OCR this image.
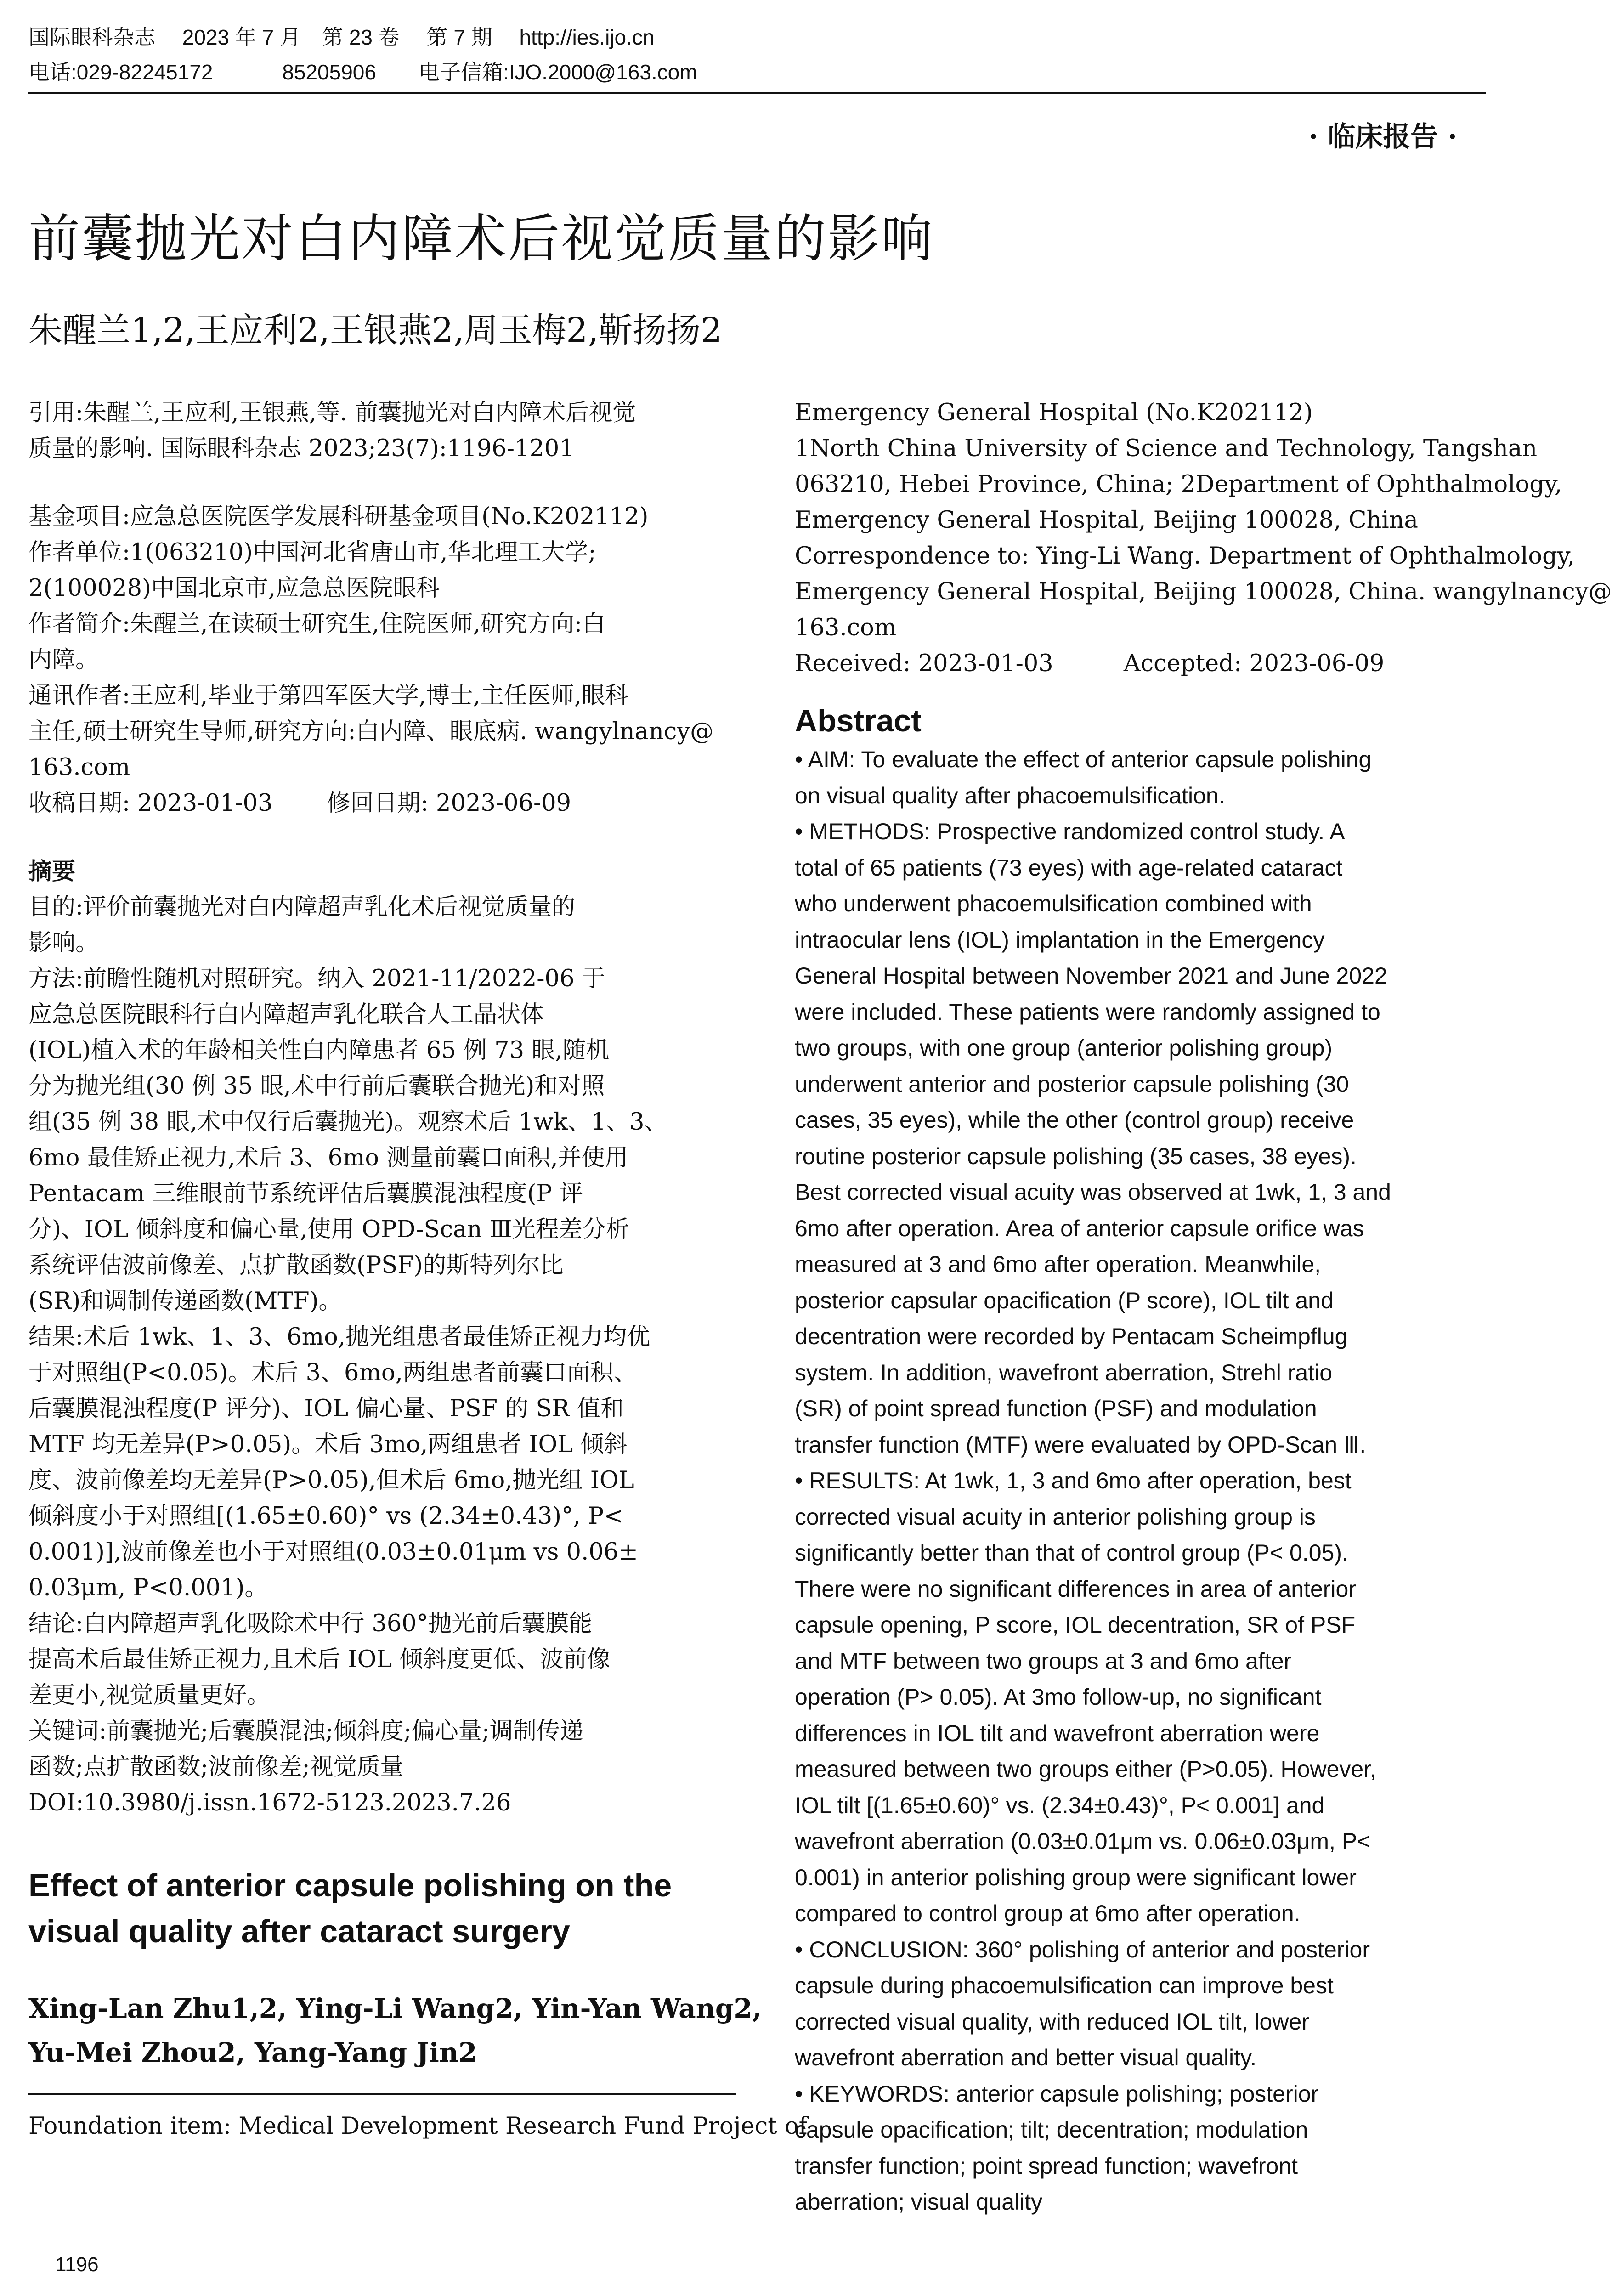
国际眼科杂志　 2023 年 7 月　第 23 卷　 第 7 期　 http://ies.ijo.cn
电话:029-82245172　　　 85205906　　电子信箱:IJO.2000@163.com
· 临床报告 ·
前囊抛光对白内障术后视觉质量的影响
朱醒兰1,2,王应利2,王银燕2,周玉梅2,靳扬扬2
引用:朱醒兰,王应利,王银燕,等. 前囊抛光对白内障术后视觉
质量的影响. 国际眼科杂志 2023;23(7):1196-1201
基金项目:应急总医院医学发展科研基金项目(No.K202112)
作者单位:1(063210)中国河北省唐山市,华北理工大学;
2(100028)中国北京市,应急总医院眼科
作者简介:朱醒兰,在读硕士研究生,住院医师,研究方向:白
内障。
通讯作者:王应利,毕业于第四军医大学,博士,主任医师,眼科
主任,硕士研究生导师,研究方向:白内障、眼底病. wangylnancy@
163.com
收稿日期: 2023-01-03　　 修回日期: 2023-06-09
摘要
目的:评价前囊抛光对白内障超声乳化术后视觉质量的
影响。
方法:前瞻性随机对照研究。纳入 2021-11/2022-06 于
应急总医院眼科行白内障超声乳化联合人工晶状体
(IOL)植入术的年龄相关性白内障患者 65 例 73 眼,随机
分为抛光组(30 例 35 眼,术中行前后囊联合抛光)和对照
组(35 例 38 眼,术中仅行后囊抛光)。观察术后 1wk、1、3、
6mo 最佳矫正视力,术后 3、6mo 测量前囊口面积,并使用
Pentacam 三维眼前节系统评估后囊膜混浊程度(P 评
分)、IOL 倾斜度和偏心量,使用 OPD-Scan Ⅲ光程差分析
系统评估波前像差、点扩散函数(PSF)的斯特列尔比
(SR)和调制传递函数(MTF)。
结果:术后 1wk、1、3、6mo,抛光组患者最佳矫正视力均优
于对照组(P<0.05)。术后 3、6mo,两组患者前囊口面积、
后囊膜混浊程度(P 评分)、IOL 偏心量、PSF 的 SR 值和
MTF 均无差异(P>0.05)。术后 3mo,两组患者 IOL 倾斜
度、波前像差均无差异(P>0.05),但术后 6mo,抛光组 IOL
倾斜度小于对照组[(1.65±0.60)° vs (2.34±0.43)°, P<
0.001)],波前像差也小于对照组(0.03±0.01μm vs 0.06±
0.03μm, P<0.001)。
结论:白内障超声乳化吸除术中行 360°抛光前后囊膜能
提高术后最佳矫正视力,且术后 IOL 倾斜度更低、波前像
差更小,视觉质量更好。
关键词:前囊抛光;后囊膜混浊;倾斜度;偏心量;调制传递
函数;点扩散函数;波前像差;视觉质量
DOI:10.3980/j.issn.1672-5123.2023.7.26
Effect of anterior capsule polishing on the
visual quality after cataract surgery
Xing-Lan Zhu1,2, Ying-Li Wang2, Yin-Yan Wang2,
Yu-Mei Zhou2, Yang-Yang Jin2
Foundation item: Medical Development Research Fund Project of
Emergency General Hospital (No.K202112)
1North China University of Science and Technology, Tangshan
063210, Hebei Province, China; 2Department of Ophthalmology,
Emergency General Hospital, Beijing 100028, China
Correspondence to: Ying-Li Wang. Department of Ophthalmology,
Emergency General Hospital, Beijing 100028, China. wangylnancy@
163.com
Received: 2023-01-03　　　Accepted: 2023-06-09
Abstract
• AIM: To evaluate the effect of anterior capsule polishing
on visual quality after phacoemulsification.
• METHODS: Prospective randomized control study. A
total of 65 patients (73 eyes) with age-related cataract
who underwent phacoemulsification combined with
intraocular lens (IOL) implantation in the Emergency
General Hospital between November 2021 and June 2022
were included. These patients were randomly assigned to
two groups, with one group (anterior polishing group)
underwent anterior and posterior capsule polishing (30
cases, 35 eyes), while the other (control group) receive
routine posterior capsule polishing (35 cases, 38 eyes).
Best corrected visual acuity was observed at 1wk, 1, 3 and
6mo after operation. Area of anterior capsule orifice was
measured at 3 and 6mo after operation. Meanwhile,
posterior capsular opacification (P score), IOL tilt and
decentration were recorded by Pentacam Scheimpflug
system. In addition, wavefront aberration, Strehl ratio
(SR) of point spread function (PSF) and modulation
transfer function (MTF) were evaluated by OPD-Scan Ⅲ.
• RESULTS: At 1wk, 1, 3 and 6mo after operation, best
corrected visual acuity in anterior polishing group is
significantly better than that of control group (P< 0.05).
There were no significant differences in area of anterior
capsule opening, P score, IOL decentration, SR of PSF
and MTF between two groups at 3 and 6mo after
operation (P> 0.05). At 3mo follow-up, no significant
differences in IOL tilt and wavefront aberration were
measured between two groups either (P>0.05). However,
IOL tilt [(1.65±0.60)° vs. (2.34±0.43)°, P< 0.001] and
wavefront aberration (0.03±0.01μm vs. 0.06±0.03μm, P<
0.001) in anterior polishing group were significant lower
compared to control group at 6mo after operation.
• CONCLUSION: 360° polishing of anterior and posterior
capsule during phacoemulsification can improve best
corrected visual quality, with reduced IOL tilt, lower
wavefront aberration and better visual quality.
• KEYWORDS: anterior capsule polishing; posterior
capsule opacification; tilt; decentration; modulation
transfer function; point spread function; wavefront
aberration; visual quality
1196
